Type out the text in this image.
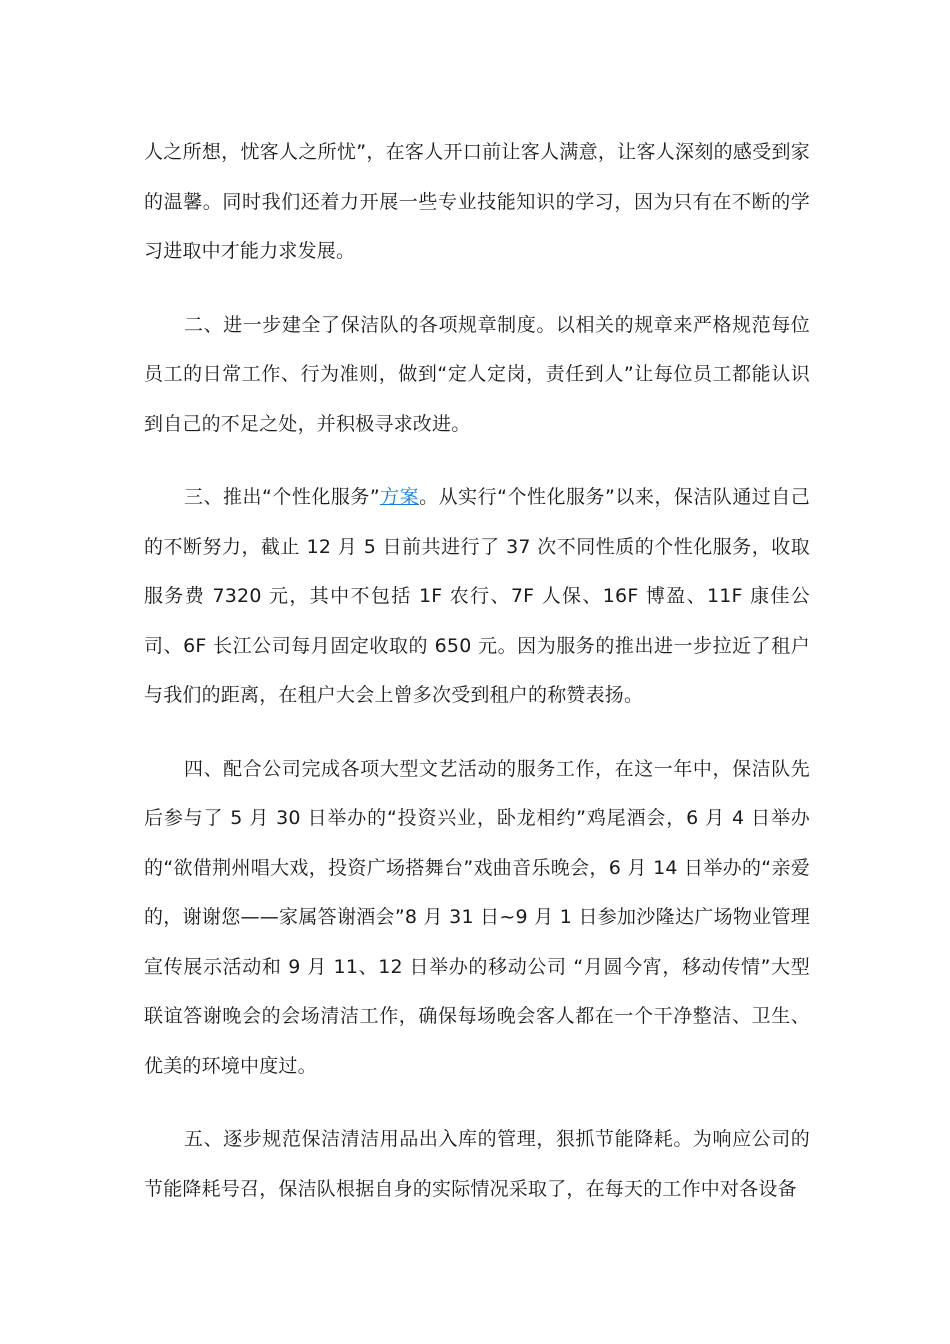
人之所想，忧客人之所忧”，在客人开口前让客人满意，让客人深刻的感受到家的温馨。同时我们还着力开展一些专业技能知识的学习，因为只有在不断的学习进取中才能力求发展。

二、进一步建全了保洁队的各项规章制度。以相关的规章来严格规范每位员工的日常工作、行为准则，做到“定人定岗，责任到人”让每位员工都能认识到自己的不足之处，并积极寻求改进。

三、推出“个性化服务”方案。从实行“个性化服务”以来，保洁队通过自己的不断努力，截止 12 月 5 日前共进行了 37 次不同性质的个性化服务，收取服务费 7320 元，其中不包括 1F 农行、7F 人保、16F 博盈、11F 康佳公司、6F 长江公司每月固定收取的 650 元。因为服务的推出进一步拉近了租户与我们的距离，在租户大会上曾多次受到租户的称赞表扬。

四、配合公司完成各项大型文艺活动的服务工作，在这一年中，保洁队先后参与了 5 月 30 日举办的“投资兴业，卧龙相约”鸡尾酒会，6 月 4 日举办的“欲借荆州唱大戏，投资广场搭舞台”戏曲音乐晚会，6 月 14 日举办的“亲爱的，谢谢您——家属答谢酒会”8 月 31 日~9 月 1 日参加沙隆达广场物业管理宣传展示活动和 9 月 11、12 日举办的移动公司 “月圆今宵，移动传情”大型联谊答谢晚会的会场清洁工作，确保每场晚会客人都在一个干净整洁、卫生、优美的环境中度过。

五、逐步规范保洁清洁用品出入库的管理，狠抓节能降耗。为响应公司的节能降耗号召，保洁队根据自身的实际情况采取了，在每天的工作中对各设备
